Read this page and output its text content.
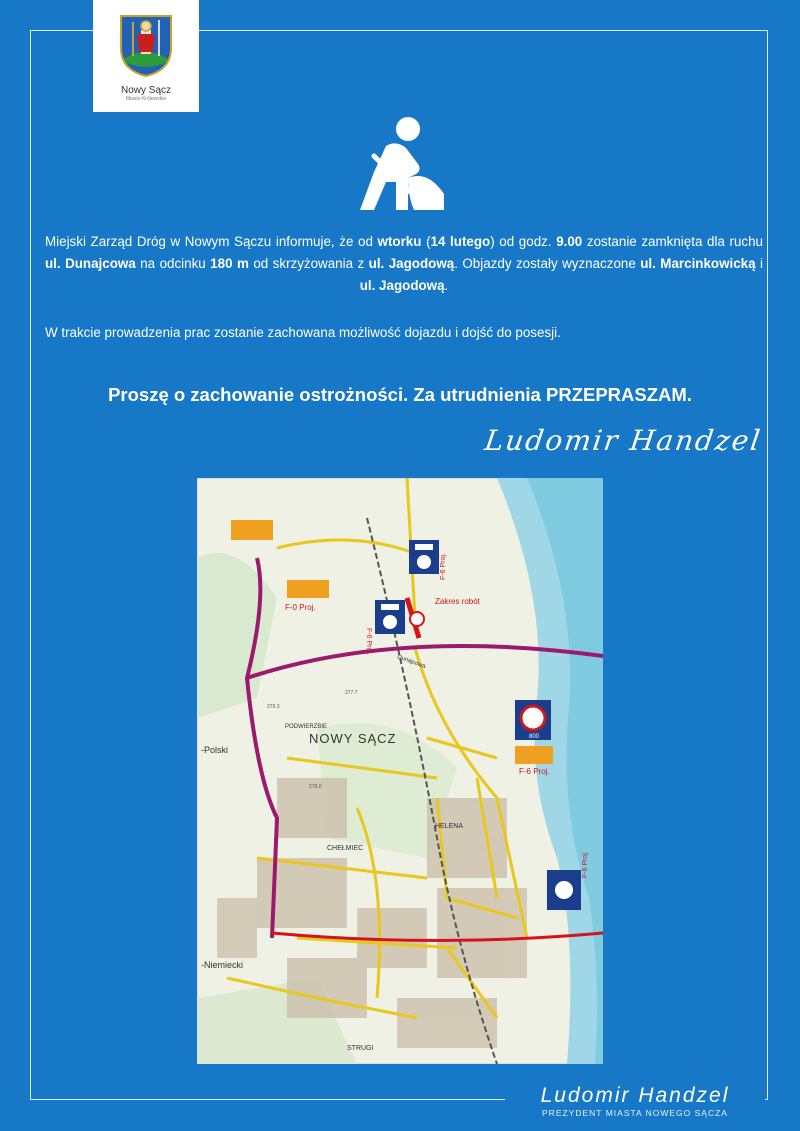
Nowy Sącz
Miasto Królewskie

Miejski Zarząd Dróg w Nowym Sączu informuje, że od wtorku (14 lutego) od godz. 9.00 zostanie zamknięta dla ruchu ul. Dunajcowa na odcinku 180 m od skrzyżowania z ul. Jagodową. Objazdy zostały wyznaczone ul. Marcinkowicką i ul. Jagodową.

W trakcie prowadzenia prac zostanie zachowana możliwość dojazdu i dojść do posesji.

Proszę o zachowanie ostrożności. Za utrudnienia PRZEPRASZAM.

Ludomir Handzel
Zakres robót
F-6 Proj.
F-6 Proj.
F-0 Proj.
F-6 Proj.
F-6 Proj.
800
NOWY SĄCZ
HELENA
CHEŁMIEC
PODWIERZBIE
-Polski
-Niemiecki
STRUGI
Dunajcowa
277.7
279.3
278.0
Ludomir Handzel
PREZYDENT MIASTA NOWEGO SĄCZA
